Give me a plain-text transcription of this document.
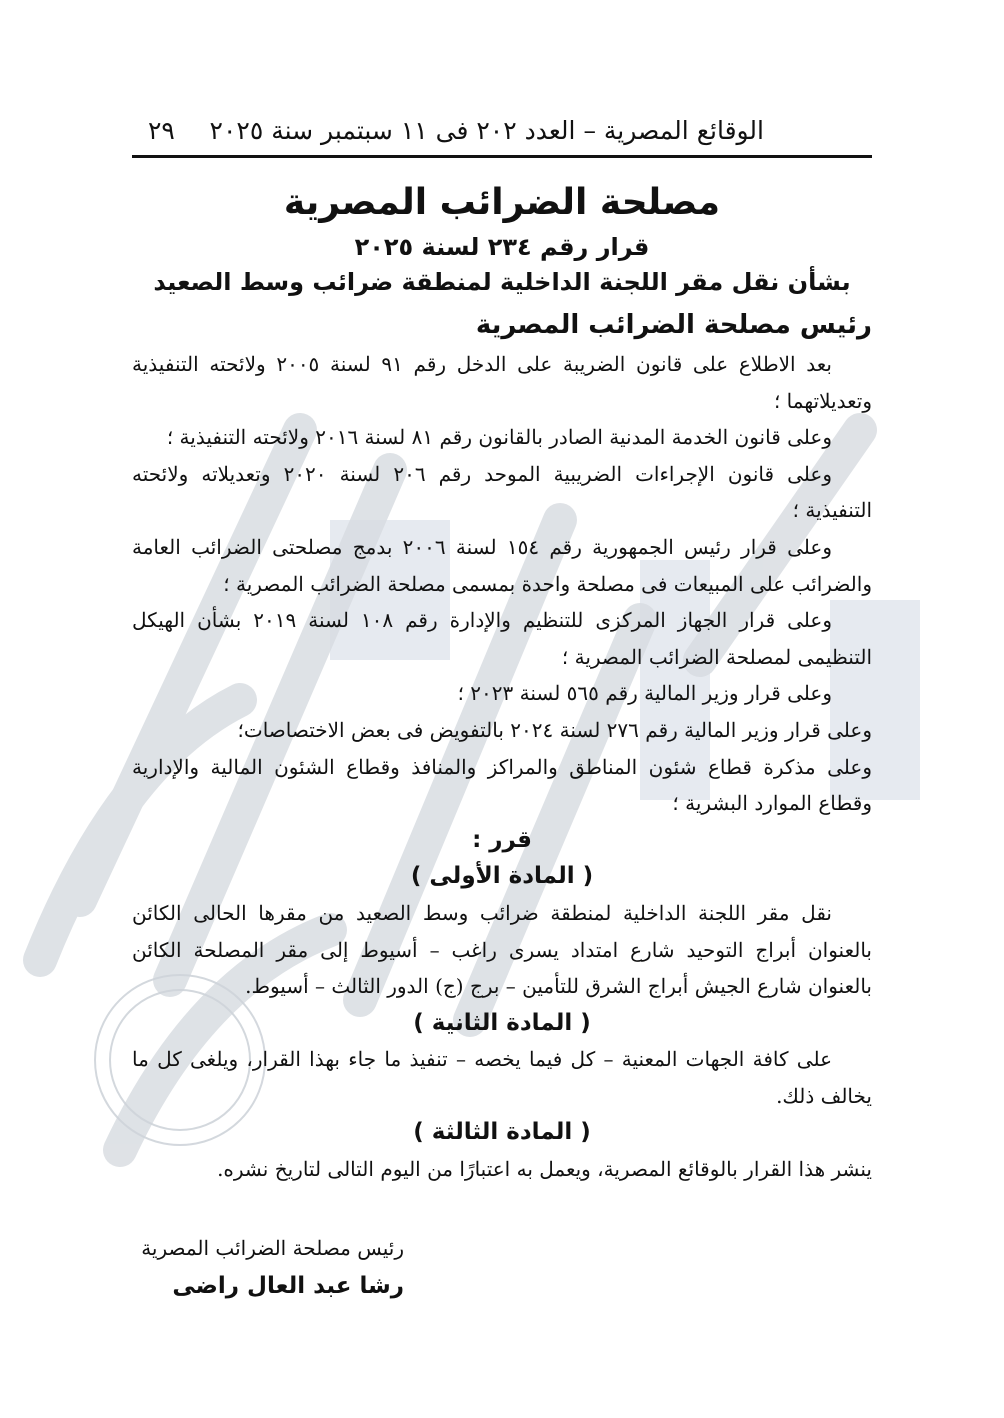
الوقائع المصرية – العدد ٢٠٢ فى ١١ سبتمبر سنة ٢٠٢٥
٢٩
مصلحة الضرائب المصرية
قرار رقم ٢٣٤ لسنة ٢٠٢٥
بشأن نقل مقر اللجنة الداخلية لمنطقة ضرائب وسط الصعيد
رئيس مصلحة الضرائب المصرية

بعد الاطلاع على قانون الضريبة على الدخل رقم ٩١ لسنة ٢٠٠٥ ولائحته التنفيذية وتعديلاتهما ؛

وعلى قانون الخدمة المدنية الصادر بالقانون رقم ٨١ لسنة ٢٠١٦ ولائحته التنفيذية ؛

وعلى قانون الإجراءات الضريبية الموحد رقم ٢٠٦ لسنة ٢٠٢٠ وتعديلاته ولائحته التنفيذية ؛

وعلى قرار رئيس الجمهورية رقم ١٥٤ لسنة ٢٠٠٦ بدمج مصلحتى الضرائب العامة والضرائب على المبيعات فى مصلحة واحدة بمسمى مصلحة الضرائب المصرية ؛

وعلى قرار الجهاز المركزى للتنظيم والإدارة رقم ١٠٨ لسنة ٢٠١٩ بشأن الهيكل التنظيمى لمصلحة الضرائب المصرية ؛

وعلى قرار وزير المالية رقم ٥٦٥ لسنة ٢٠٢٣ ؛

وعلى قرار وزير المالية رقم ٢٧٦ لسنة ٢٠٢٤ بالتفويض فى بعض الاختصاصات؛

وعلى مذكرة قطاع شئون المناطق والمراكز والمنافذ وقطاع الشئون المالية والإدارية وقطاع الموارد البشرية ؛

قرر :

( المادة الأولى )

نقل مقر اللجنة الداخلية لمنطقة ضرائب وسط الصعيد من مقرها الحالى الكائن بالعنوان أبراج التوحيد شارع امتداد يسرى راغب – أسيوط إلى مقر المصلحة الكائن بالعنوان شارع الجيش أبراج الشرق للتأمين – برج (ج) الدور الثالث – أسيوط.

( المادة الثانية )

على كافة الجهات المعنية – كل فيما يخصه – تنفيذ ما جاء بهذا القرار، ويلغى كل ما يخالف ذلك.

( المادة الثالثة )

ينشر هذا القرار بالوقائع المصرية، ويعمل به اعتبارًا من اليوم التالى لتاريخ نشره.

رئيس مصلحة الضرائب المصرية
رشا عبد العال راضى
